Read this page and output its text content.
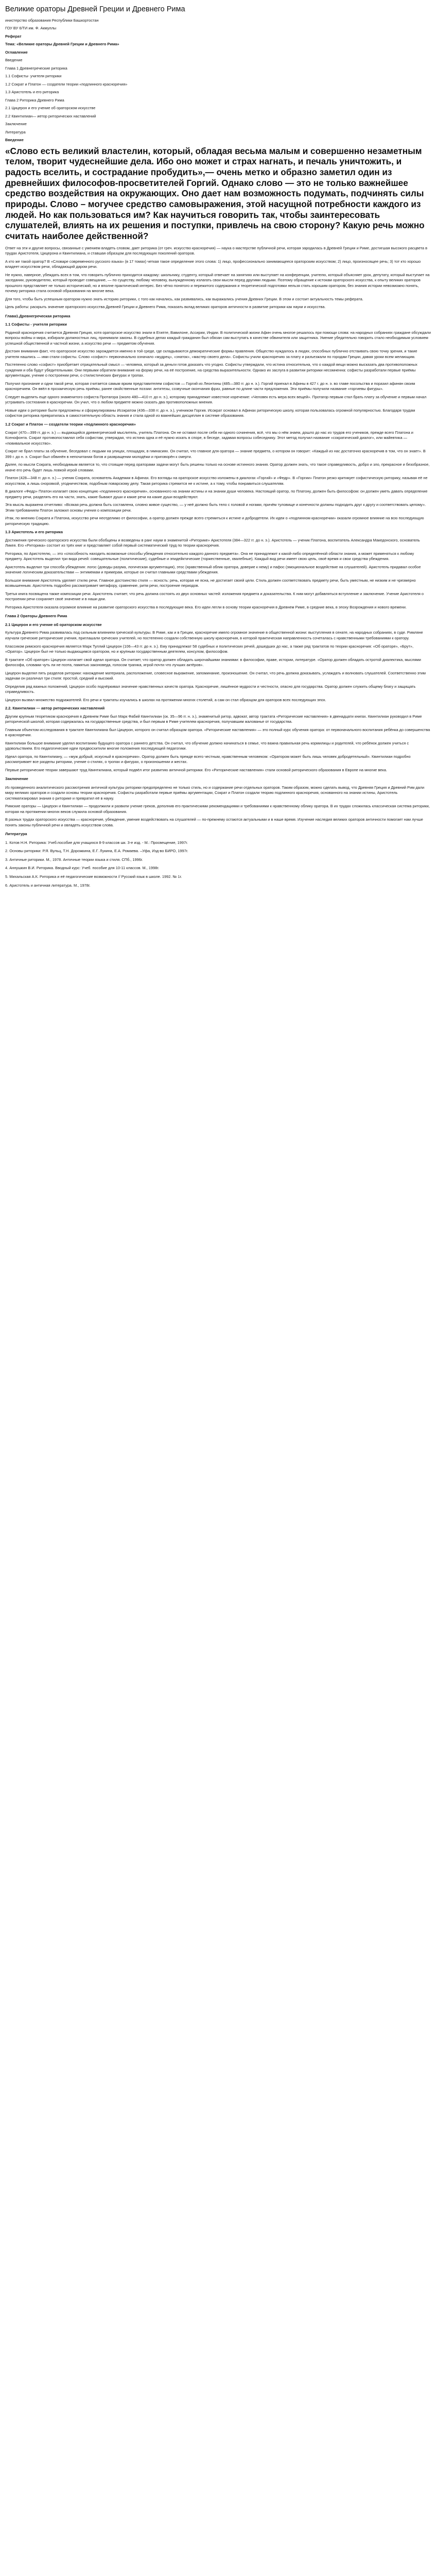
Великие ораторы Древней Греции и Древнего Рима

инистерство образования Республики Башкортостан

ГОУ ВУ 6/ТИ им. Ф. Акмуллы

Реферат

Тема: «Великие ораторы Древней Греции и Древнего Рима»

Оглавление

Введение

Глава 1 Древнегреческие риторика

1.1 Софисты- учителя риторики

1.2 Сократ и Платон — создатели теории «подлинного красноречия»

1.3 Аристотель и его риторика

Глава 2 Риторика Древнего Рима

2.1 Цицерон и его учение об ораторском искусстве

2.2 Квинтилиан— иетор риторических наставлений

Заключение

Литература

Введение

«Слово есть великий властелин, который, обладая весьма малым и совершенно незаметным телом, творит чудеснейшие дела. Ибо оно может и страх нагнать, и печаль уничтожить, и радость вселить, и сострадание пробудить»,— очень метко и образно заметил один из древнейших философов-просветителей Горгий. Однако слово — это не только важнейшее средство воздействия на окружающих. Оно дает нам возможность подумать, подчинять силы природы. Слово – могучее средство самовыражения, этой насущной потребности каждого из людей. Но как пользоваться им? Как научиться говорить так, чтобы заинтересовать слушателей, влиять на их решения и поступки, привлечь на свою сторону? Какую речь можно считать наиболее действенной?

Ответ на эти и другие вопросы, связанные с умением владеть словом, дает риторика (от греч. искусство красноречия) — наука о мастерстве публичной речи, которая зародилась в Древней Греции и Риме, достигшая высокого расцвета в трудах Аристотеля, Цицерона и Квинтилиана, и ставшая образцом для последующих поколений ораторов.

А кто же такой оратор? В «Словаре современного русского языка» (в 17 томах) четкая такое определение этого слова: 1) лицо, профессионально занимающееся ораторским искусством; 2) лицо, произносящее речь; 3) тот кто хорошо владеет искусством речи, обладающий даром речи.

Не нужно, наверное, убеждать всех в том, что говорить публично приходится каждому: школьнику, студенту, который отвечает на занятиях или выступает на конференции, учителю, который объясняет урок, депутату, который выступает на заседании, руководителю, который проводит совещание, — по существу, любому человеку, вынужденному излагать свои мысли перед другими людьми. Поэтому обращение к истокам ораторского искусства, к опыту великих ораторов прошлого представляет не только исторический, но и вполне практический интерес. Без чётко понятого и пережитого содержания и теоретической подготовки нельзя стать хорошим оратором, без знания истории невозможно понять, почему риторика стала основой образования на многие века.

Для того, чтобы быть успешным оратором нужно знать историю риторики, с того как начались, как развивались, как выражались учения Древних Греции. В этом и состоит актуальность темы реферата.

Цель работы: раскрыть значение ораторского искусства Древней Греции и Древнего Рима, показать вклад великих ораторов античности в развитие риторики как науки и искусства.

Глава1.Древнегреческая риторика

1.1 Софисты - учителя риторики

Родиной красноречия считается Древняя Греция, хотя ораторское искусство знали в Египте, Вавилоне, Ассирии, Индии. В политической жизни Афин очень многое решалось при помощи слова: на народных собраниях граждане обсуждали вопросы войны и мира, избирали должностных лиц, принимали законы. В судебных делах каждый гражданин был обязан сам выступать в качестве обвинителя или защитника. Умение убедительно говорить стало необходимым условием успешной общественной и частной жизни, а искусство речи — предметом обучения.

Достоин внимания факт, что ораторское искусство зарождается именно в той среде, где складываются демократические формы правления. Общество нуждалось в людях, способных публично отстаивать свою точку зрения, и такие учителя нашлись — ими стали софисты. Слово «софист» первоначально означало «мудрец», «знаток», «мастер своего дела». Софисты учили красноречию за плату и разъезжали по городам Греции, давая уроки всем желающим.

Постепенно слово «софист» приобретает отрицательный смысл — человека, который за деньги готов доказать что угодно. Софисты утверждали, что истина относительна, что о каждой вещи можно высказать два противоположных суждения и оба будут убедительными. Они первыми обратили внимание на форму речи, на её построение, на средства выразительности. Однако их заслуга в развитии риторики несомненна: софисты разработали первые приёмы аргументации, учение о построении речи, о стилистических фигурах и тропах.

Получил признание и одни такой речи, которая считается самым ярким представителем софистов — Горгий из Леонтины (485—380 гг. до н. э.). Горгий приехал в Афины в 427 г. до н. э. во главе посольства и поразил афинян своим красноречием. Он ввёл в прозаическую речь приёмы, ранее свойственные поэзии: антитезы, созвучные окончания фраз, равные по длине части предложения. Эти приёмы получили название «горгиевы фигуры».

Следует выделить еще одного знаменитого софиста Протагора (около 480—410 гг. до н. э.), которому принадлежит известное изречение: «Человек есть мера всех вещей». Протагор первым стал брать плату за обучение и первым начал устраивать состязания в красноречии. Он учил, что о любом предмете можно сказать два противоположных мнения.

Новые идеи о риторике были предложены и сформулированы Исократом (436—338 гг. до н. э.), учеником Горгия. Исократ основал в Афинах риторическую школу, которая пользовалась огромной популярностью. Благодаря трудам софистов риторика превратилась в самостоятельную область знания и стала одной из важнейших дисциплин в системе образования.

1.2 Сократ и Платон — создатели теории «подлинного красноречия»

Сократ (470—399 гг. до н. э.) — выдающийся древнегреческий мыслитель, учитель Платона. Он не оставил после себя ни одного сочинения, всё, что мы о нём знаем, дошло до нас из трудов его учеников, прежде всего Платона и Ксенофонта. Сократ противопоставлял себя софистам, утверждая, что истина одна и её нужно искать в споре, в беседе, задавая вопросы собеседнику. Этот метод получил название «сократический диалог», или майевтика — «повивальное искусство».

Сократ не брал платы за обучение, беседовал с людьми на улицах, площадях, в гимнасиях. Он считал, что главное для оратора — знание предмета, о котором он говорит: «Каждый из нас достаточно красноречив в том, что он знает». В 399 г. до н. э. Сократ был обвинён в непочитании богов и развращении молодёжи и приговорён к смерти.

Далее, по мысли Сократа, необходимым является то, что стоящие перед ораторами задачи могут быть решены только на основе истинного знания. Оратор должен знать, что такое справедливость, добро и зло, прекрасное и безобразное, иначе его речь будет лишь ловкой игрой словами.

Платон (428—348 гг. до н. э.) — ученик Сократа, основатель Академии в Афинах. Его взгляды на ораторское искусство изложены в диалогах «Горгий» и «Федр». В «Горгии» Платон резко критикует софистическую риторику, называя её не искусством, а лишь сноровкой, угодничеством, подобным поварскому делу. Такая риторика стремится не к истине, а к тому, чтобы понравиться слушателям.

В диалоге «Федр» Платон излагает свою концепцию «подлинного красноречия», основанного на знании истины и на знании души человека. Настоящий оратор, по Платону, должен быть философом: он должен уметь давать определение предмету речи, разделять его на части, знать, какие бывают души и какие речи на какие души воздействуют.

Эта мысль выражена отчетливо: «Всякая речь должна быть составлена, словно живое существо, — у неё должно быть тело с головой и ногами, причём туловище и конечности должны подходить друг к другу и соответствовать целому». Этим требованием Платон заложил основы учения о композиции речи.

Итак, по мнению Сократа и Платона, искусство речи неотделимо от философии, а оратор должен прежде всего стремиться к истине и добродетели. Их идеи о «подлинном красноречии» оказали огромное влияние на всю последующую риторическую традицию.

1.3 Аристотель и его риторика

Достижения греческого ораторского искусства были обобщены и возведены в ранг науки в знаменитой «Риторике» Аристотеля (384—322 гг. до н. э.). Аристотель — ученик Платона, воспитатель Александра Македонского, основатель Ликея. Его «Риторика» состоит из трёх книг и представляет собой первый систематический труд по теории красноречия.

Риторика, по Аристотелю, — это «способность находить возможные способы убеждения относительно каждого данного предмета». Она не принадлежит к какой-либо определённой области знания, а может применяться к любому предмету. Аристотель выделил три вида речей: совещательные (политические), судебные и эпидейктические (торжественные, хвалебные). Каждый вид речи имеет свою цель, своё время и свои средства убеждения.

Аристотель выделил три способа убеждения: логос (доводы разума, логическая аргументация), этос (нравственный облик оратора, доверие к нему) и пафос (эмоциональное воздействие на слушателей). Аристотель придавал особое значение логическим доказательствам — энтимемам и примерам, которые он считал главными средствами убеждения.

Большое внимание Аристотель уделяет стилю речи. Главное достоинство стиля — ясность: речь, которая не ясна, не достигает своей цели. Стиль должен соответствовать предмету речи, быть уместным, не низким и не чрезмерно возвышенным. Аристотель подробно рассматривает метафору, сравнение, ритм речи, построение периодов.

Третья книга посвящена также композиции речи. Аристотель считает, что речь должна состоять из двух основных частей: изложения предмета и доказательства. К ним могут добавляться вступление и заключение. Учение Аристотеля о построении речи сохраняет своё значение и в наши дни.

Риторика Аристотеля оказала огромное влияние на развитие ораторского искусства в последующие века. Его идеи легли в основу теории красноречия в Древнем Риме, в средние века, в эпоху Возрождения и нового времени.

Глава 2 Ораторы Древнего Рима

2.1 Цицерон и его учение об ораторском искусстве

Культура Древнего Рима развивалась под сильным влиянием греческой культуры. В Риме, как и в Греции, красноречие имело огромное значение в общественной жизни: выступления в сенате, на народных собраниях, в суде. Римляне изучали греческие риторические учения, приглашали греческих учителей, но постепенно создали собственную школу красноречия, в которой практическая направленность сочеталась с нравственными требованиями к оратору.

Классиком римского красноречия является Марк Туллий Цицерон (106—43 гг. до н. э.). Ему принадлежат 58 судебных и политических речей, дошедших до нас, а также ряд трактатов по теории красноречия: «Об ораторе», «Брут», «Оратор». Цицерон был не только выдающимся оратором, но и крупным государственным деятелем, консулом, философом.

В трактате «Об ораторе» Цицерон излагает свой идеал оратора. Он считает, что оратор должен обладать широчайшими знаниями: в философии, праве, истории, литературе. «Оратор должен обладать остротой диалектика, мыслями философа, словами чуть ли не поэта, памятью законоведа, голосом трагика, игрой почти что лучших актёров».

Цицерон выделял пять разделов риторики: нахождение материала, расположение, словесное выражение, запоминание, произношение. Он считал, что речь должна доказывать, услаждать и волновать слушателей. Соответственно этим задачам он различал три стиля: простой, средний и высокий.

Определив ряд важных положений, Цицерон особо подчёркивал значение нравственных качеств оратора. Красноречие, лишённое мудрости и честности, опасно для государства. Оратор должен служить общему благу и защищать справедливость.

Цицерон вызвал множество подражателей. Его речи и трактаты изучались в школах на протяжении многих столетий, а сам он стал образцом для ораторов всех последующих эпох.

2.2. Квинтилиан — автор риторических наставлений

Другим крупным теоретиком красноречия в Древнем Риме был Марк Фабий Квинтилиан (ок. 35—96 гг. н. э.), знаменитый ритор, адвокат, автор трактата «Риторические наставления» в двенадцати книгах. Квинтилиан руководил в Риме риторической школой, которая содержалась на государственные средства, и был первым в Риме учителем красноречия, получавшим жалованье от государства.

Главным объектом исследования в трактате Квинтилиана был Цицерон, которого он считал образцом оратора. «Риторические наставления» — это полный курс обучения оратора: от первоначального воспитания ребёнка до совершенства в красноречии.

Квинтилиан большое внимание уделял воспитанию будущего оратора с раннего детства. Он считал, что обучение должно начинаться в семье, что важна правильная речь кормилицы и родителей, что ребёнок должен учиться с удовольствием. Его педагогические идеи предвосхитили многие положения последующей педагогики.

Идеал оратора, по Квинтилиану, — «муж добрый, искусный в красноречии». Оратор должен быть прежде всего честным, нравственным человеком: «Оратором может быть лишь человек добродетельный». Квинтилиан подробно рассматривает все разделы риторики, учение о стилях, о тропах и фигурах, о произношении и жестах.

Первые риторические теории завершают труд Квинтилиана, который подвёл итог развитию античной риторики. Его «Риторические наставления» стали основой риторического образования в Европе на многие века.

Заключение

Из проведенного аналитического рассмотрения античной культуры риторики предопределено не только стиль, но и содержание речи отдельных ораторов. Таким образом, можно сделать вывод, что Древняя Греция и Древний Рим дали миру великих ораторов и создали основы теории красноречия. Софисты разработали первые приёмы аргументации, Сократ и Платон создали теорию подлинного красноречия, основанного на знании истины, Аристотель систематизировал знания о риторике и превратил её в науку.

Римские ораторы — Цицерон и Квинтилиан — продолжили и развили учение греков, дополнив его практическими рекомендациями и требованиями к нравственному облику оратора. В их трудах сложилась классическая система риторики, которая на протяжении многих веков служила основой образования.

В разных трудах ораторского искусства — красноречие, убеждение, умение воздействовать на слушателей — по-прежнему остаются актуальными и в наше время. Изучение наследия великих ораторов античности помогает нам лучше понять законы публичной речи и овладеть искусством слова.

Литература

1. Котов Н.Н. Риторика: Учеб.пособие для учащихся 8-9 классов шк. 3-е изд. - М.: Просвещение, 1997г.

2. Основы риторики: Р.Я. Вульц, Т.Н. Дорожкина, Е.Г. Лукина, Е.А. Ромаева. –Уфа, Изд-во БИРО, 1997г.

3. Античные риторики. М., 1978. Античные теории языка и стиля. СПб., 1996г.

4. Аннушкин В.И. Риторика. Вводный курс: Учеб. пособие для 10-11 классов. М., 1998г.

5. Михальская А.К. Риторика и её педагогические возможности // Русский язык в школе. 1992. № 1г.

6. Аристотель и античная литература. М., 1978г.
